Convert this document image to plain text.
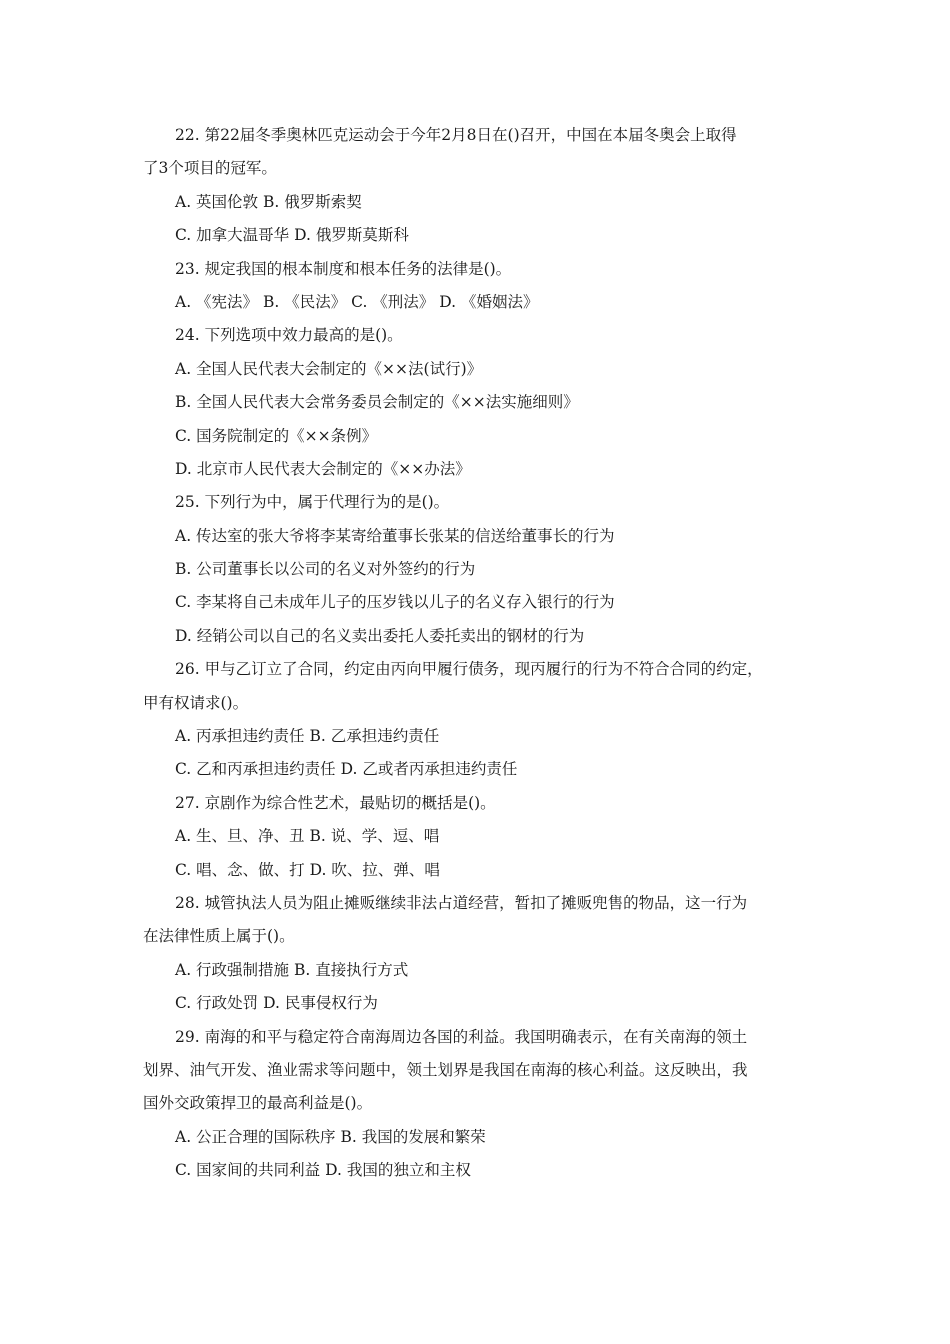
22. 第22届冬季奥林匹克运动会于今年2月8日在()召开，中国在本届冬奥会上取得
了3个项目的冠军。
A. 英国伦敦 B. 俄罗斯索契
C. 加拿大温哥华 D. 俄罗斯莫斯科
23. 规定我国的根本制度和根本任务的法律是()。
A. 《宪法》 B. 《民法》 C. 《刑法》 D. 《婚姻法》
24. 下列选项中效力最高的是()。
A. 全国人民代表大会制定的《××法(试行)》
B. 全国人民代表大会常务委员会制定的《××法实施细则》
C. 国务院制定的《××条例》
D. 北京市人民代表大会制定的《××办法》
25. 下列行为中，属于代理行为的是()。
A. 传达室的张大爷将李某寄给董事长张某的信送给董事长的行为
B. 公司董事长以公司的名义对外签约的行为
C. 李某将自己未成年儿子的压岁钱以儿子的名义存入银行的行为
D. 经销公司以自己的名义卖出委托人委托卖出的钢材的行为
26. 甲与乙订立了合同，约定由丙向甲履行债务，现丙履行的行为不符合合同的约定，
甲有权请求()。
A. 丙承担违约责任 B. 乙承担违约责任
C. 乙和丙承担违约责任 D. 乙或者丙承担违约责任
27. 京剧作为综合性艺术，最贴切的概括是()。
A. 生、旦、净、丑 B. 说、学、逗、唱
C. 唱、念、做、打 D. 吹、拉、弹、唱
28. 城管执法人员为阻止摊贩继续非法占道经营，暂扣了摊贩兜售的物品，这一行为
在法律性质上属于()。
A. 行政强制措施 B. 直接执行方式
C. 行政处罚 D. 民事侵权行为
29. 南海的和平与稳定符合南海周边各国的利益。我国明确表示，在有关南海的领土
划界、油气开发、渔业需求等问题中，领土划界是我国在南海的核心利益。这反映出，我
国外交政策捍卫的最高利益是()。
A. 公正合理的国际秩序 B. 我国的发展和繁荣
C. 国家间的共同利益 D. 我国的独立和主权
